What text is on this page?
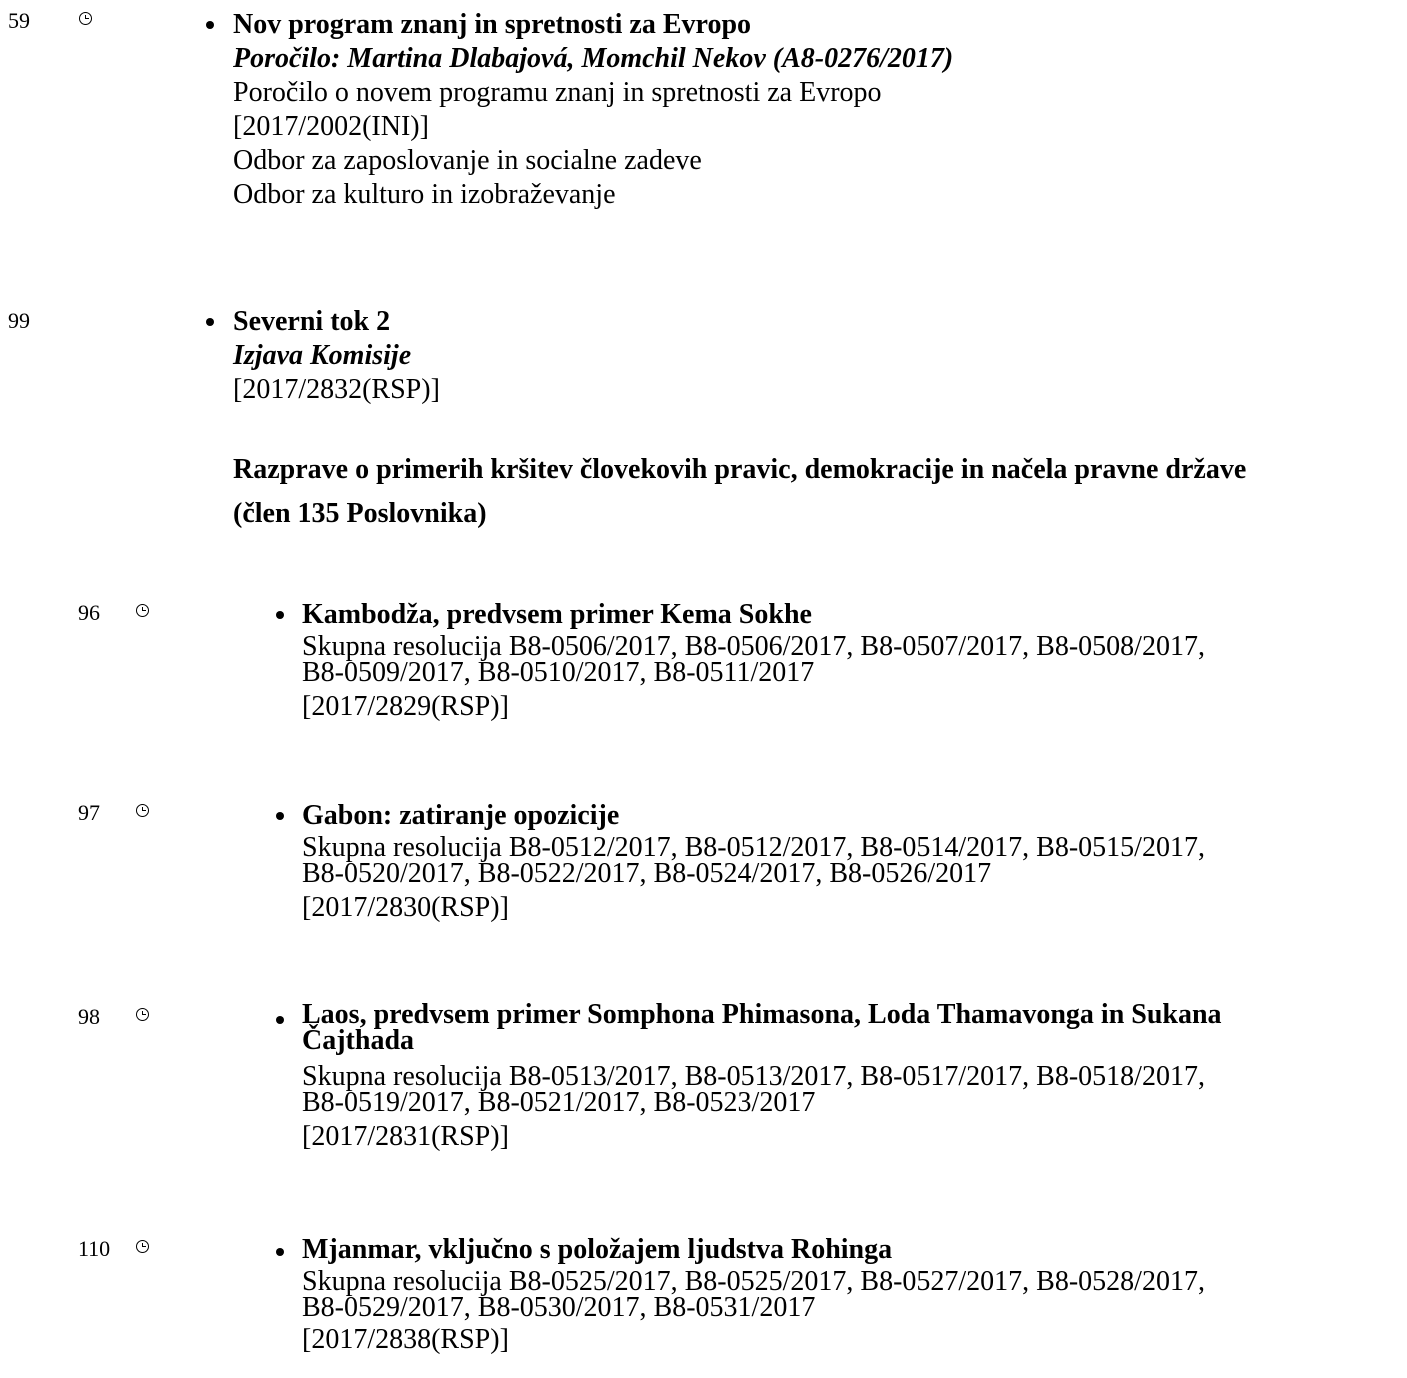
59	Nov program znanj in spretnosti za Evropo
Poročilo: Martina Dlabajová, Momchil Nekov (A8-0276/2017)
Poročilo o novem programu znanj in spretnosti za Evropo
[2017/2002(INI)]
Odbor za zaposlovanje in socialne zadeve
Odbor za kulturo in izobraževanje
99	Severni tok 2
Izjava Komisije
[2017/2832(RSP)]
Razprave o primerih kršitev človekovih pravic, demokracije in načela pravne države
(člen 135 Poslovnika)
96	Kambodža, predvsem primer Kema Sokhe
Skupna resolucija B8-0506/2017, B8-0506/2017, B8-0507/2017, B8-0508/2017,
B8-0509/2017, B8-0510/2017, B8-0511/2017
[2017/2829(RSP)]
97	Gabon: zatiranje opozicije
Skupna resolucija B8-0512/2017, B8-0512/2017, B8-0514/2017, B8-0515/2017,
B8-0520/2017, B8-0522/2017, B8-0524/2017, B8-0526/2017
[2017/2830(RSP)]
98	Laos, predvsem primer Somphona Phimasona, Loda Thamavonga in Sukana
Čajthada
Skupna resolucija B8-0513/2017, B8-0513/2017, B8-0517/2017, B8-0518/2017,
B8-0519/2017, B8-0521/2017, B8-0523/2017
[2017/2831(RSP)]
110	Mjanmar, vključno s položajem ljudstva Rohinga
Skupna resolucija B8-0525/2017, B8-0525/2017, B8-0527/2017, B8-0528/2017,
B8-0529/2017, B8-0530/2017, B8-0531/2017
[2017/2838(RSP)]
